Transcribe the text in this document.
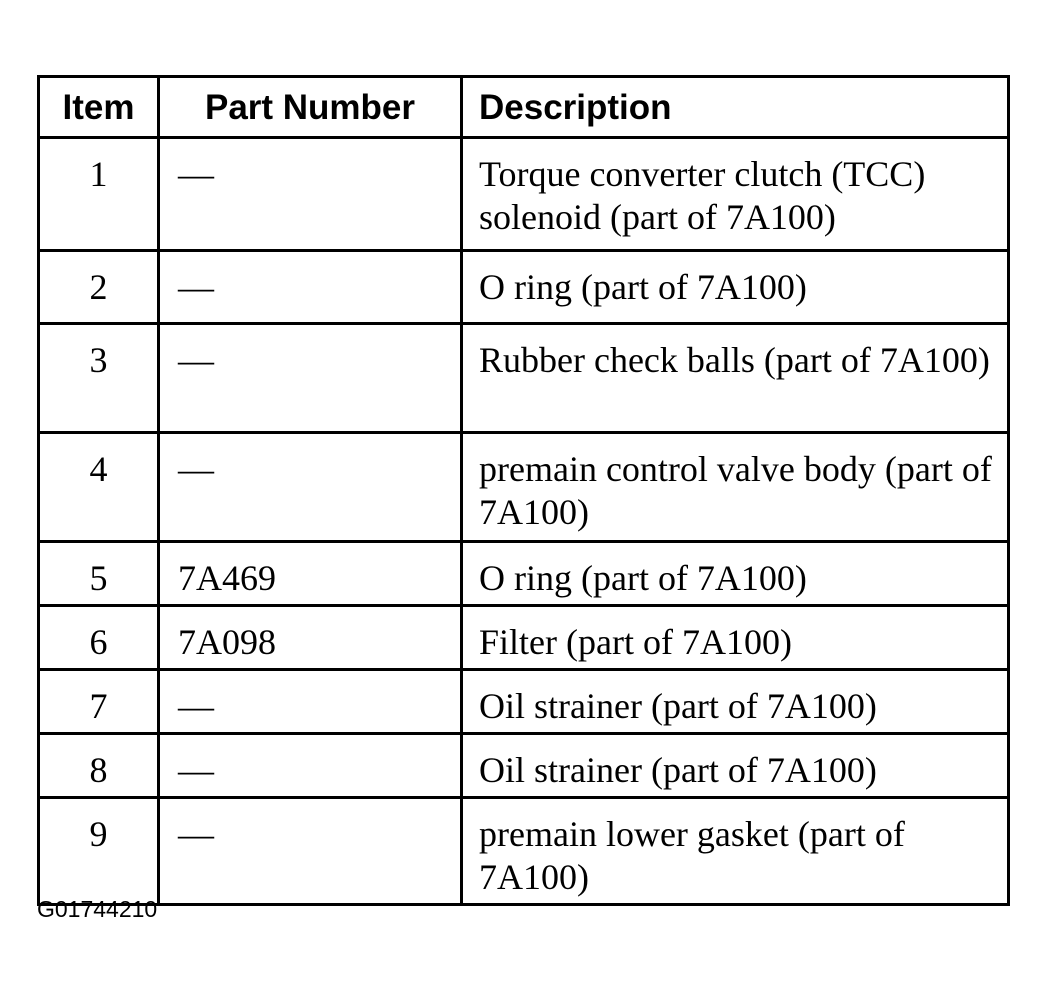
Item	Part Number	Description
1	—	Torque converter clutch (TCC) solenoid (part of 7A100)
2	—	O ring (part of 7A100)
3	—	Rubber check balls (part of 7A100)
4	—	premain control valve body (part of 7A100)
5	7A469	O ring (part of 7A100)
6	7A098	Filter (part of 7A100)
7	—	Oil strainer (part of 7A100)
8	—	Oil strainer (part of 7A100)
9	—	premain lower gasket (part of 7A100)
G01744210
